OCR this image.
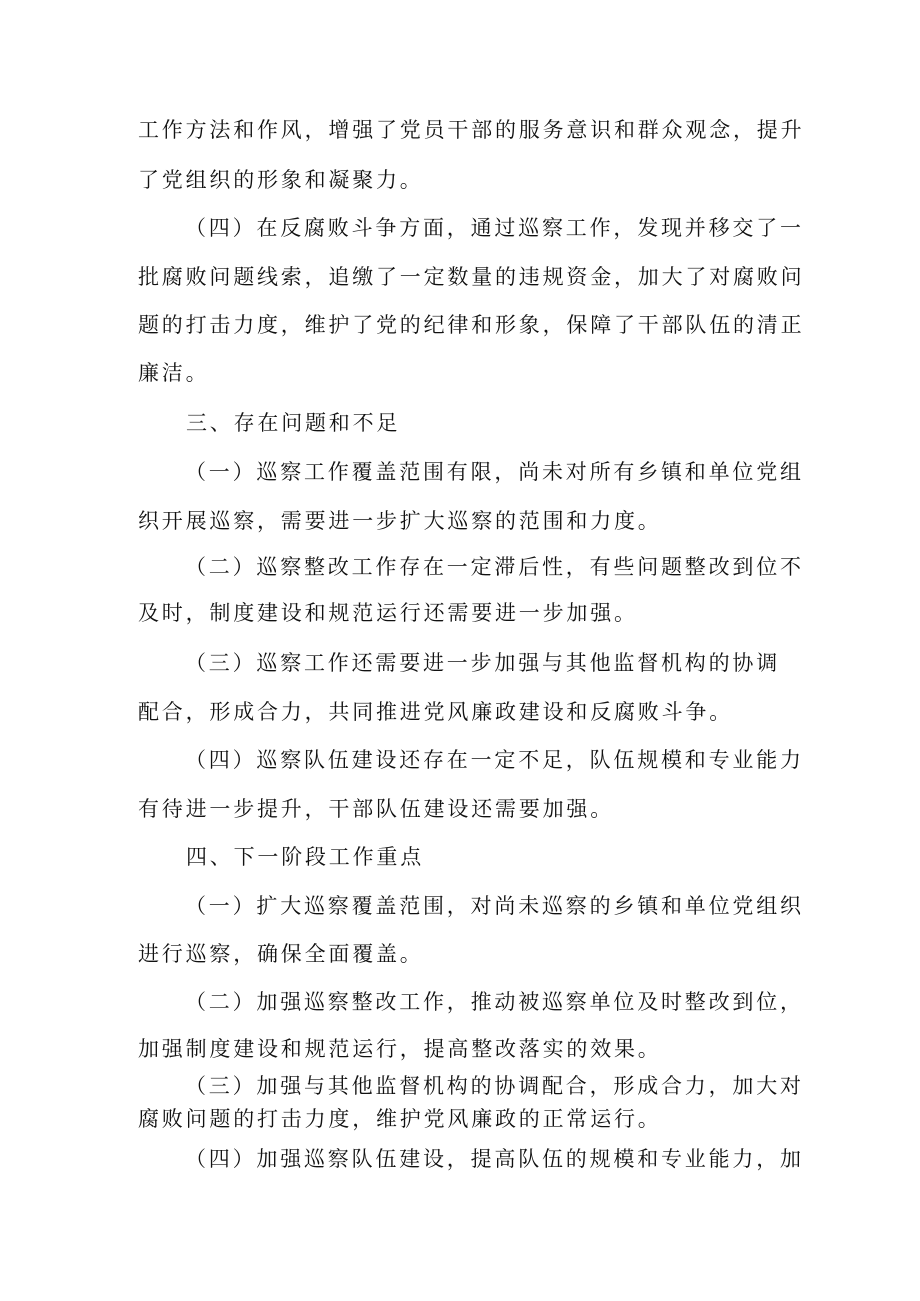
工作方法和作风，增强了党员干部的服务意识和群众观念，提升
了党组织的形象和凝聚力。
（四）在反腐败斗争方面，通过巡察工作，发现并移交了一
批腐败问题线索，追缴了一定数量的违规资金，加大了对腐败问
题的打击力度，维护了党的纪律和形象，保障了干部队伍的清正
廉洁。
三、存在问题和不足
（一）巡察工作覆盖范围有限，尚未对所有乡镇和单位党组
织开展巡察，需要进一步扩大巡察的范围和力度。
（二）巡察整改工作存在一定滞后性，有些问题整改到位不
及时，制度建设和规范运行还需要进一步加强。
（三）巡察工作还需要进一步加强与其他监督机构的协调
配合，形成合力，共同推进党风廉政建设和反腐败斗争。
（四）巡察队伍建设还存在一定不足，队伍规模和专业能力
有待进一步提升，干部队伍建设还需要加强。
四、下一阶段工作重点
（一）扩大巡察覆盖范围，对尚未巡察的乡镇和单位党组织
进行巡察，确保全面覆盖。
（二）加强巡察整改工作，推动被巡察单位及时整改到位，
加强制度建设和规范运行，提高整改落实的效果。
（三）加强与其他监督机构的协调配合，形成合力，加大对
腐败问题的打击力度，维护党风廉政的正常运行。
（四）加强巡察队伍建设，提高队伍的规模和专业能力，加
